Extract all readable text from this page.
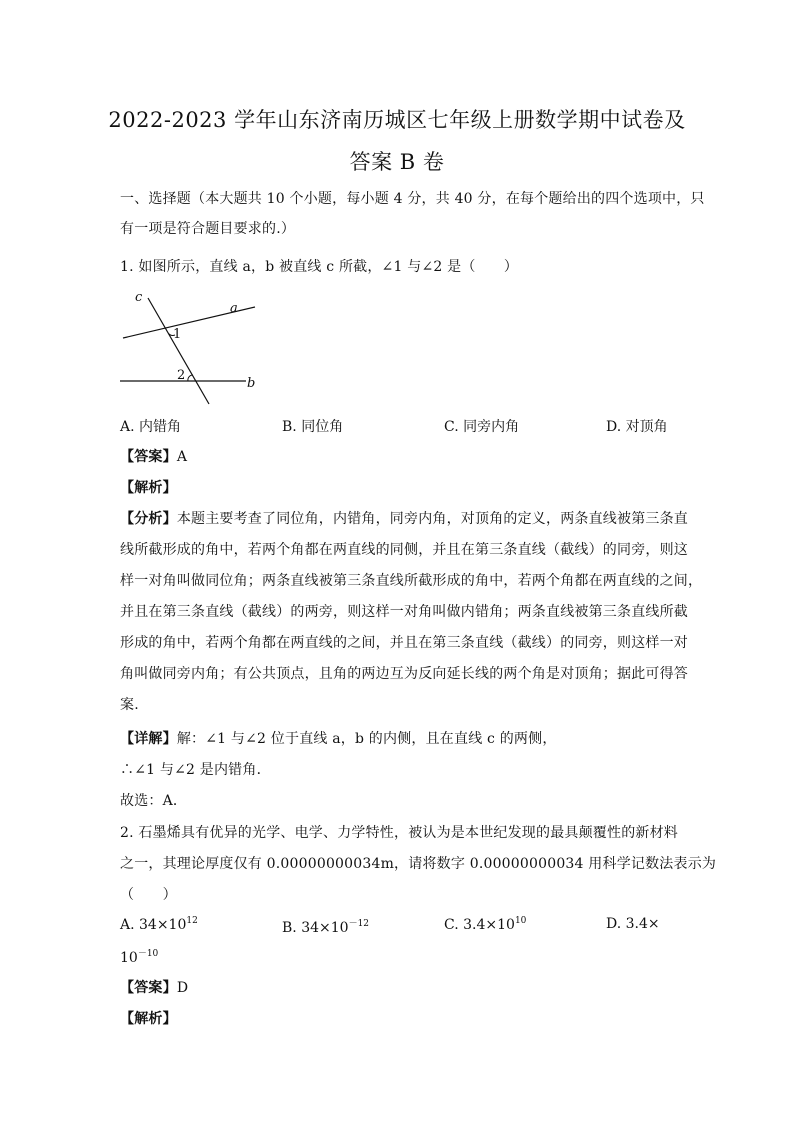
2022-2023 学年山东济南历城区七年级上册数学期中试卷及
答案 B 卷
一、选择题（本大题共 10 个小题，每小题 4 分，共 40 分，在每个题给出的四个选项中，只
有一项是符合题目要求的.）
1. 如图所示，直线 a，b 被直线 c 所截，∠1 与∠2 是（　　）
c
a
b
1
2
A. 内错角	B. 同位角	C. 同旁内角	D. 对顶角
【答案】A
【解析】
【分析】本题主要考查了同位角，内错角，同旁内角，对顶角的定义，两条直线被第三条直
线所截形成的角中，若两个角都在两直线的同侧，并且在第三条直线（截线）的同旁，则这
样一对角叫做同位角；两条直线被第三条直线所截形成的角中，若两个角都在两直线的之间，
并且在第三条直线（截线）的两旁，则这样一对角叫做内错角；两条直线被第三条直线所截
形成的角中，若两个角都在两直线的之间，并且在第三条直线（截线）的同旁，则这样一对
角叫做同旁内角；有公共顶点，且角的两边互为反向延长线的两个角是对顶角；据此可得答
案.
【详解】解：∠1 与∠2 位于直线 a，b 的内侧，且在直线 c 的两侧，
∴∠1 与∠2 是内错角．
故选：A．
2. 石墨烯具有优异的光学、电学、力学特性，被认为是本世纪发现的最具颠覆性的新材料
之一，其理论厚度仅有 0.00000000034m，请将数字 0.00000000034 用科学记数法表示为
（　　）
A. $34\times 10^{12}$	B. $34\times 10^{-12}$	C. $3.4\times 10^{10}$	D. 3.4×
$10^{-10}$
【答案】D
【解析】
